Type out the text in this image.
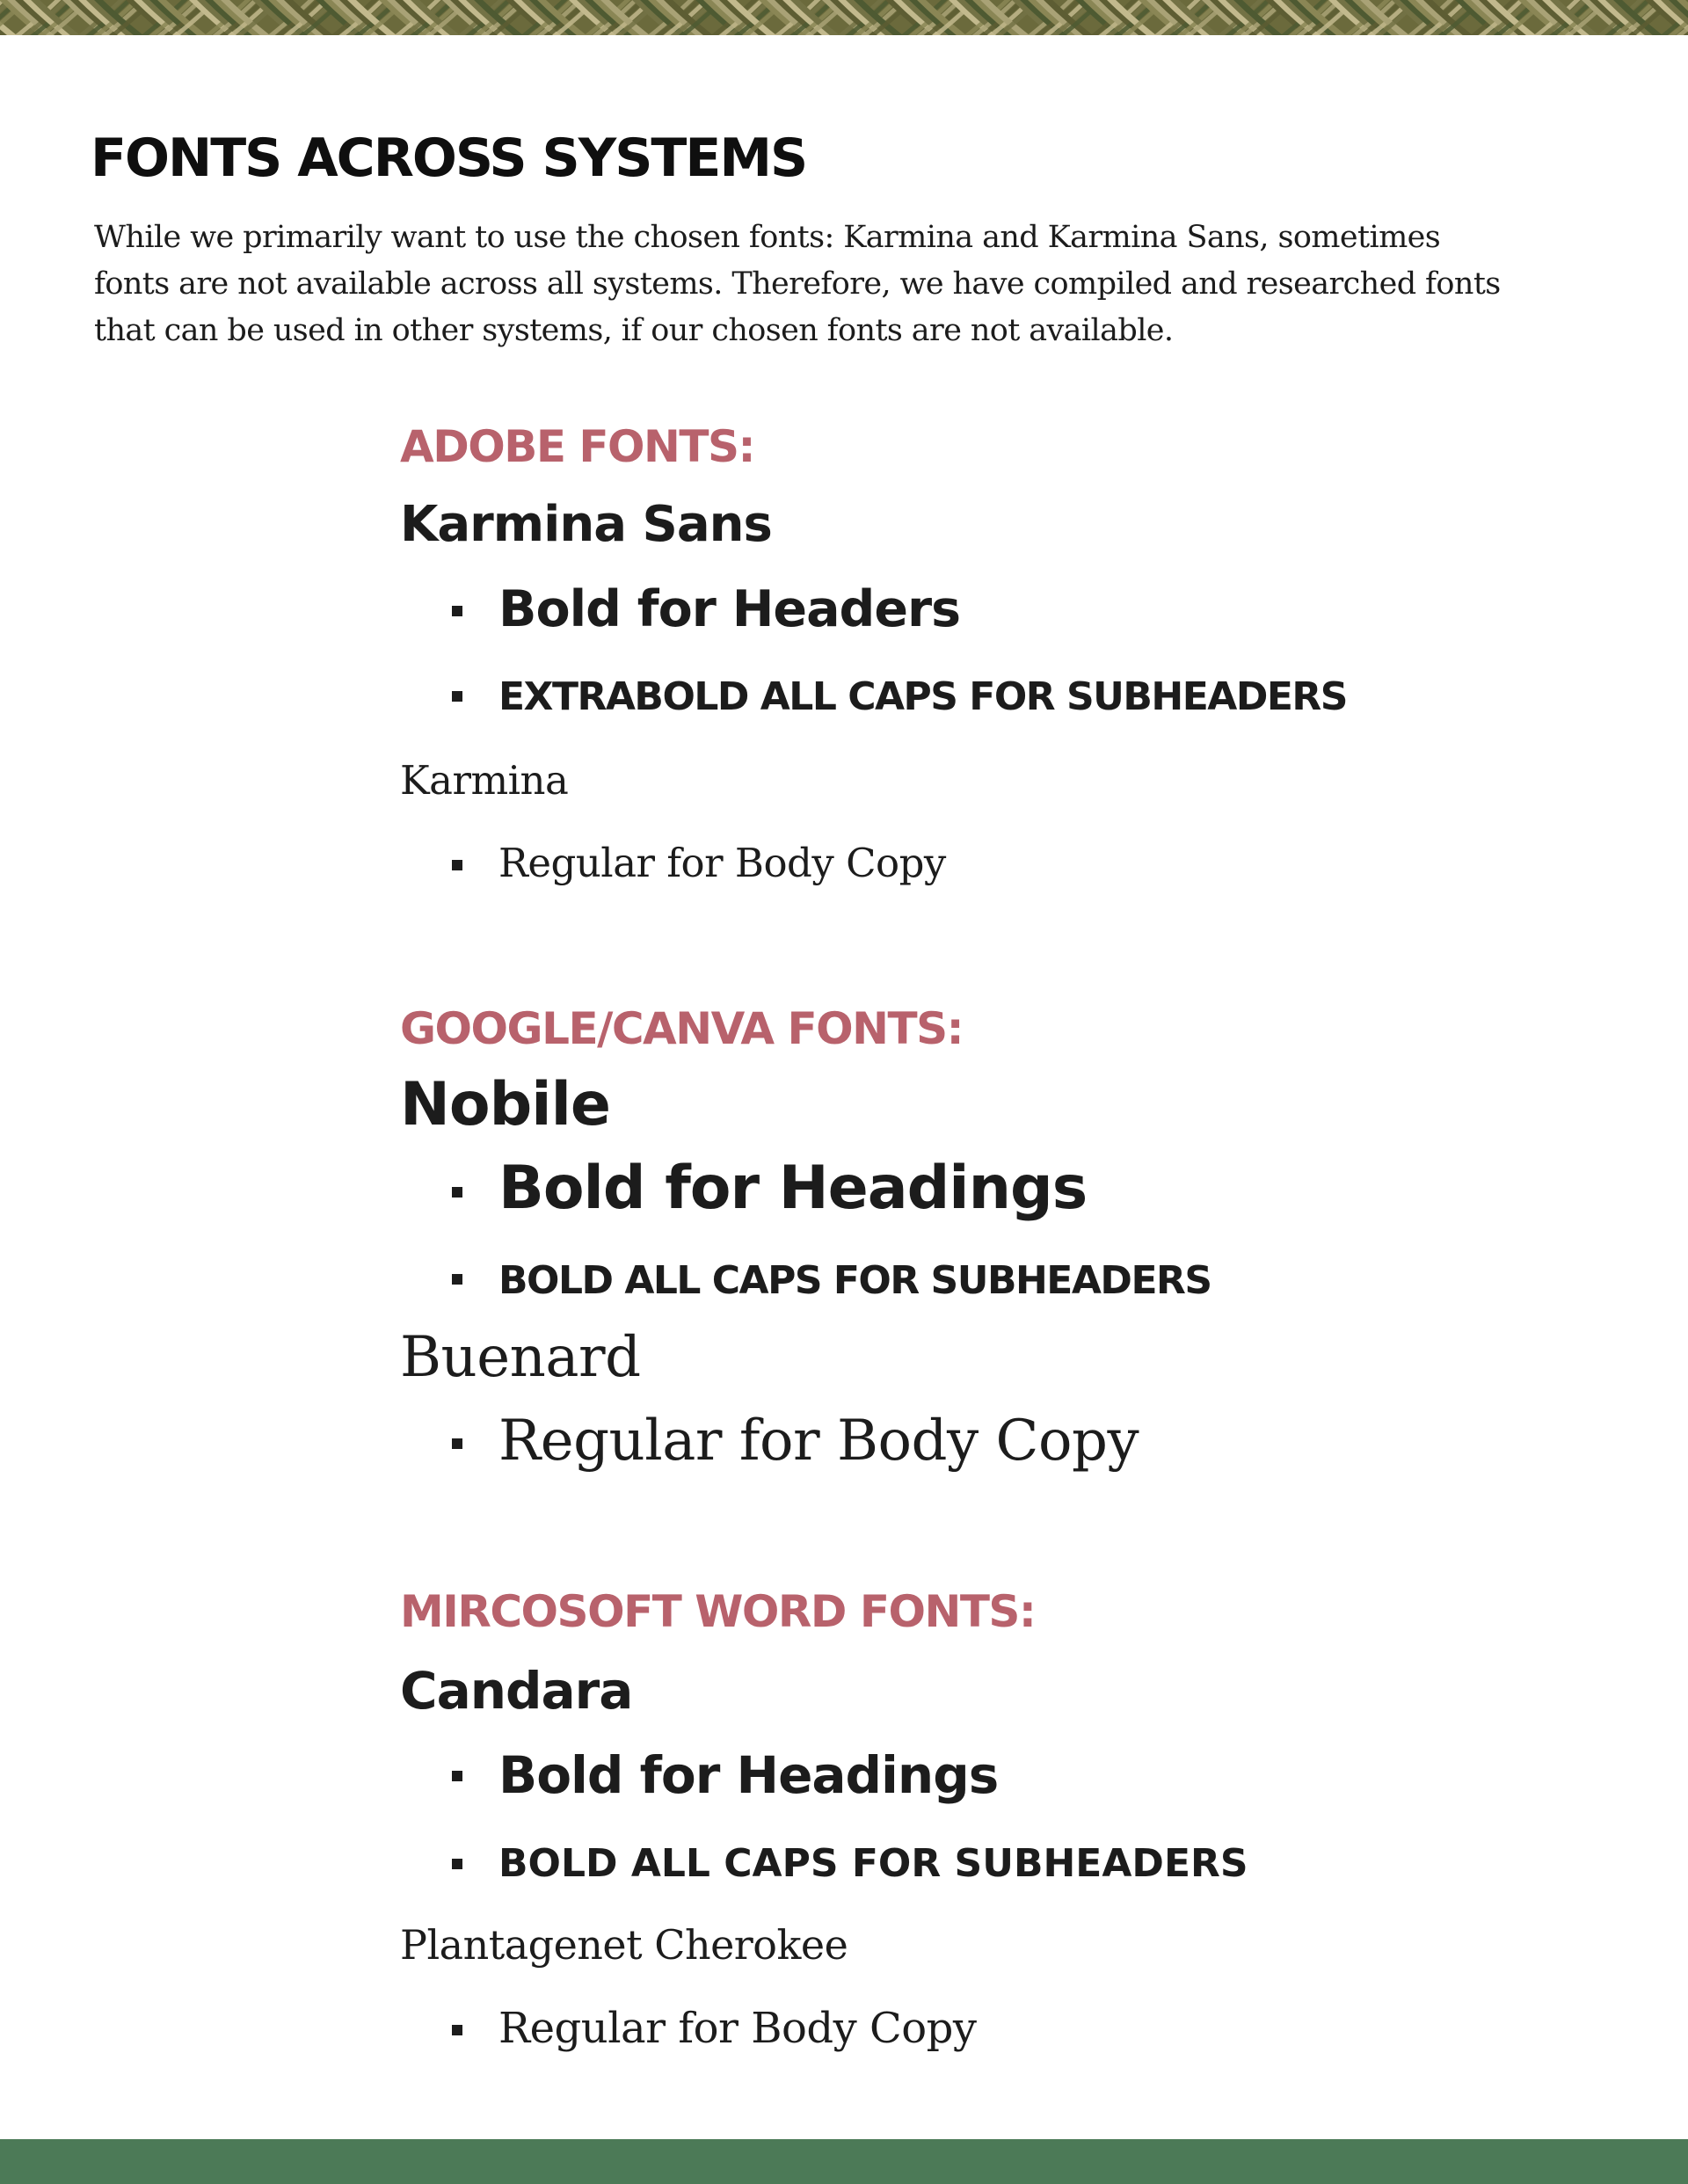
FONTS ACROSS SYSTEMS

While we primarily want to use the chosen fonts: Karmina and Karmina Sans, sometimes
fonts are not available across all systems. Therefore, we have compiled and researched fonts
that can be used in other systems, if our chosen fonts are not available.

ADOBE FONTS:
Karmina Sans
Bold for Headers
EXTRABOLD ALL CAPS FOR SUBHEADERS
Karmina
Regular for Body Copy
GOOGLE/CANVA FONTS:
Nobile
Bold for Headings
BOLD ALL CAPS FOR SUBHEADERS
Buenard
Regular for Body Copy
MIRCOSOFT WORD FONTS:
Candara
Bold for Headings
BOLD ALL CAPS FOR SUBHEADERS
Plantagenet Cherokee
Regular for Body Copy
